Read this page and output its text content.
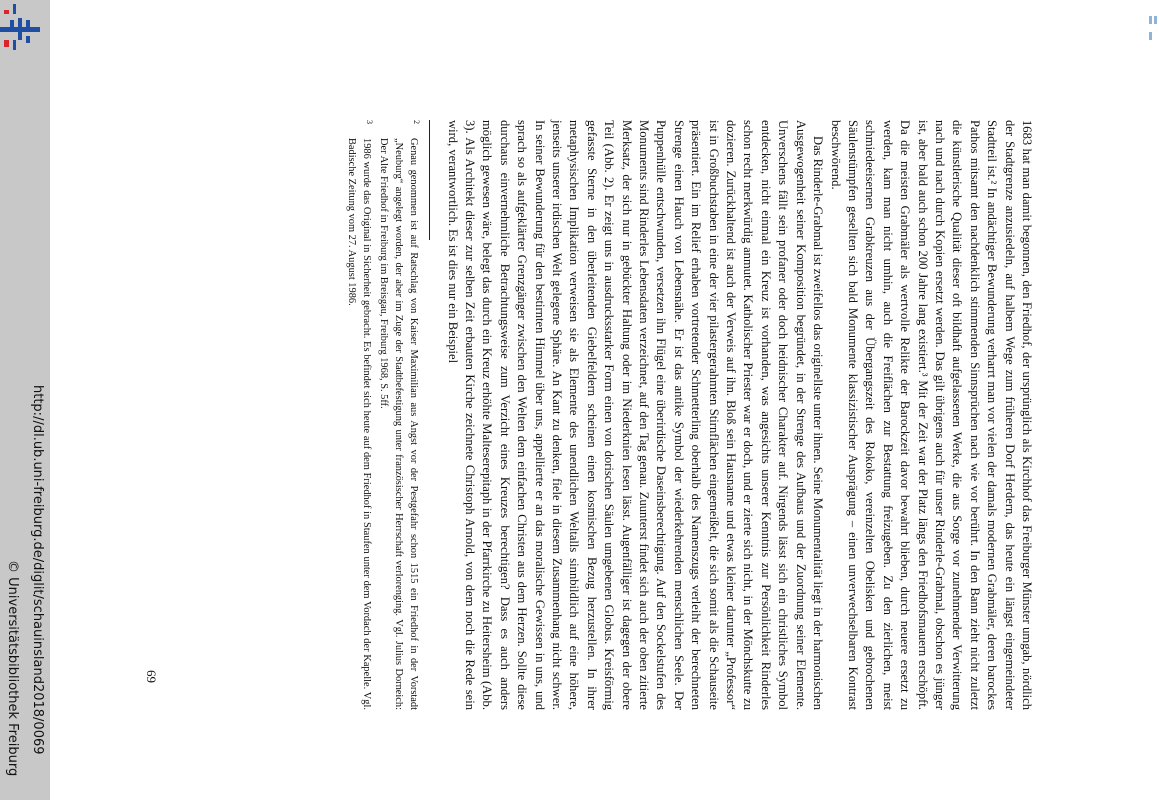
http://dl.ub.uni-freiburg.de/diglit/schauinsland2018/0069
© Universitätsbibliothek Freiburg	1683 hat man damit begonnen, den Friedhof, der ursprünglich als Kirchhof das Freiburger Münster umgab, nördlich der Stadtgrenze anzusiedeln, auf halbem Wege zum früheren Dorf Herdern, das heute ein längst eingemeindeter Stadtteil ist.² In andächtiger Bewunderung verharrt man vor vielen der damals modernen Grabmäler, deren barockes Pathos mitsamt den nachdenklich stimmenden Sinnsprüchen nach wie vor berührt. In den Bann zieht nicht zuletzt die künstlerische Qualität dieser oft bildhaft aufgelassenen Werke, die aus Sorge vor zunehmender Verwitterung nach und nach durch Kopien ersetzt werden. Das gilt übrigens auch für unser Rinderle-Grabmal, obschon es jünger ist, aber bald auch schon 200 Jahre lang existiert.³ Mit der Zeit war der Platz längs den Friedhofsmauern erschöpft. Da die meisten Grabmäler als wertvolle Relikte der Barockzeit davor bewahrt blieben, durch neuere ersetzt zu werden, kam man nicht umhin, auch die Freiflächen zur Bestattung freizugeben. Zu den zierlichen, meist schmiedeeisernen Grabkreuzen aus der Übergangszeit des Rokoko, vereinzelten Obelisken und gebrochenen Säulenstümpfen gesellten sich bald Monumente klassizistischer Ausprägung – einen unverwechselbaren Kontrast beschwörend.

Das Rinderle-Grabmal ist zweifellos das originellste unter ihnen. Seine Monumentalität liegt in der harmonischen Ausgewogenheit seiner Komposition begründet, in der Strenge des Aufbaus und der Zuordnung seiner Elemente. Unverschens fällt sein profaner oder doch heidnischer Charakter auf. Nirgends lässt sich ein christliches Symbol entdecken, nicht einmal ein Kreuz ist vorhanden, was angesichts unserer Kenntnis zur Persönlichkeit Rinderles schon recht merkwürdig anmutet. Katholischer Priester war er doch, und er zierte sich nicht, in der Mönchskutte zu dozieren. Zurückhaltend ist auch der Verweis auf ihn. Bloß sein Hausname und etwas kleiner darunter „Professor“ ist in Großbuchstaben in eine der vier pilastergerahmten Stirnflächen eingemeißelt, die sich somit als die Schauseite präsentiert. Ein im Relief erhaben vortretender Schmetterling oberhalb des Namenszugs verleiht der berechneten Strenge einen Hauch von Lebensnähe. Er ist das antike Symbol der wiederkehrenden menschlichen Seele. Der Puppenhülle entschwunden, versetzen ihn Flügel eine überirdische Daseinsberechtigung. Auf den Sockelstufen des Monuments sind Rinderles Lebensdaten verzeichnet, auf den Tag genau. Zuunterst findet sich auch der oben zitierte Merksatz, der sich nur in gebückter Haltung oder im Niederknien lesen lässt. Augenfälliger ist dagegen der obere Teil (Abb. 2). Er zeigt uns in ausdrucksstarker Form einen von dorischen Säulen umgebenen Globus. Kreisförmig gefasste Sterne in den überleitenden Giebelfeldern scheinen einen kosmischen Bezug herzustellen. In ihrer metaphysischen Implikation verweisen sie als Elemente des unendlichen Weltalls sinnbildlich auf eine höhere, jenseits unserer irdischen Welt gelegene Sphäre. An Kant zu denken, fiele in diesem Zusammenhang nicht schwer. In seiner Bewunderung für den bestirnten Himmel über uns, appellierte er an das moralische Gewissen in uns, und sprach so als aufgeklärter Grenzgänger zwischen den Welten dem einfachen Christen aus dem Herzen. Sollte diese durchaus einvernehmliche Betrachtungsweise zum Verzicht eines Kreuzes berechtigen? Dass es auch anders möglich gewesen wäre, belegt das durch ein Kreuz erhöhte Malteserepitaph in der Pfarrkirche zu Heitersheim (Abb. 3). Als Architekt dieser zur selben Zeit erbauten Kirche zeichnete Christoph Arnold, von dem noch die Rede sein wird, verantwortlich. Es ist dies nur ein Beispiel

2
Genau genommen ist auf Ratschlag von Kaiser Maximilian aus Angst vor der Pestgefahr schon 1515 ein Friedhof in der Vorstadt „Neuburg“ angelegt worden, der aber im Zuge der Stadtbefestigung unter französischer Herrschaft verlorenging. Vgl. Julius Dorneich: Der Alte Friedhof in Freiburg im Breisgau, Freiburg 1968, S. 5ff.
3
1986 wurde das Original in Sicherheit gebracht. Es befindet sich heute auf dem Friedhof in Staufen unter dem Vordach der Kapelle. Vgl. Badische Zeitung vom 27. August 1986.
69
